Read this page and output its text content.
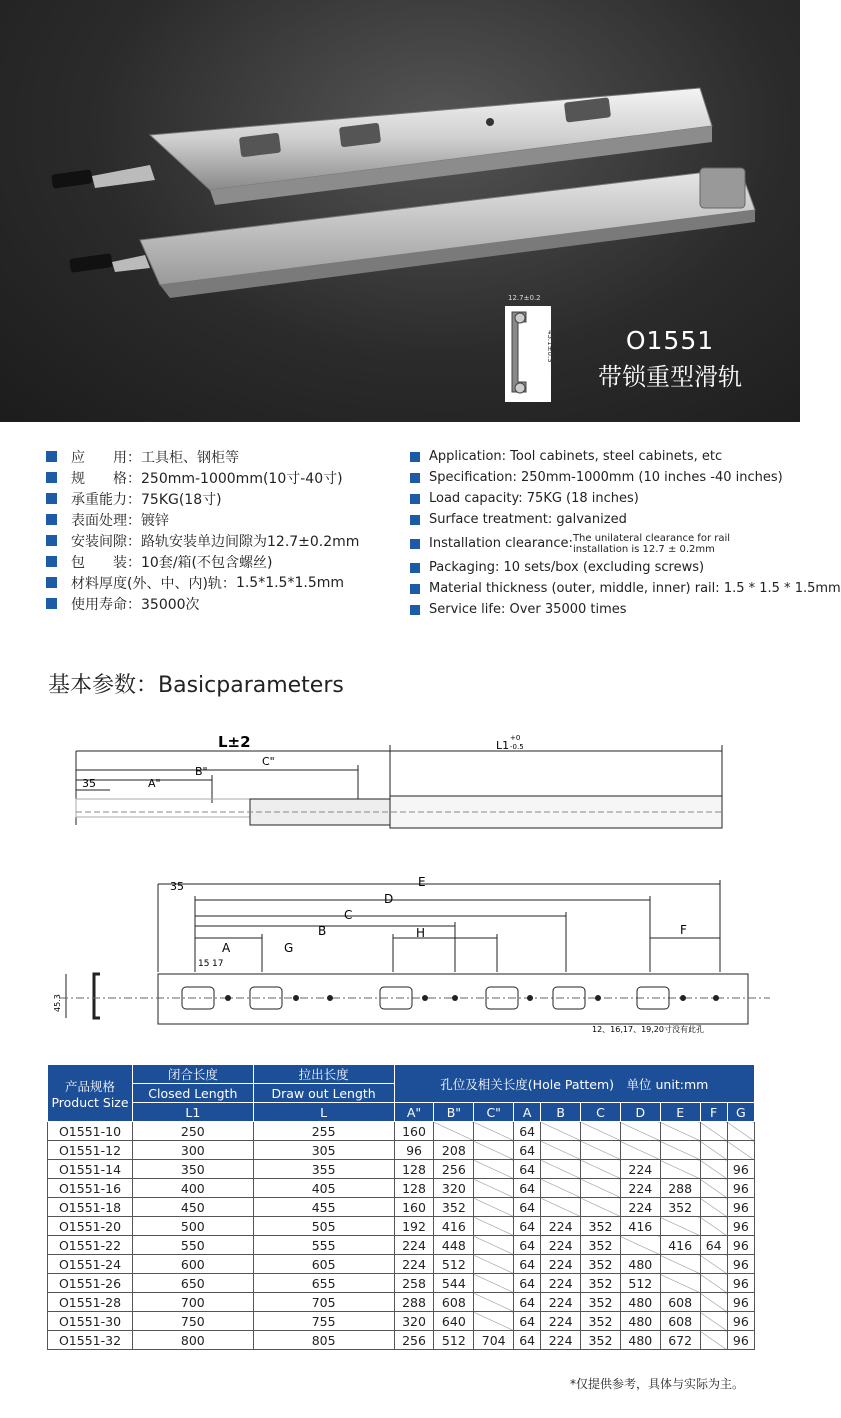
12.7±0.2
45.1±0.3	O1551
带锁重型滑轨
应　　用： 工具柜、钢柜等
规　　格： 250mm-1000mm(10寸-40寸)
承重能力： 75KG(18寸)
表面处理： 镀锌
安装间隙： 路轨安装单边间隙为12.7±0.2mm
包　　装： 10套/箱(不包含螺丝)
材料厚度(外、中、内)轨： 1.5*1.5*1.5mm
使用寿命： 35000次
Application:
Tool cabinets, steel cabinets, etc
Specification:
250mm-1000mm (10 inches -40 inches)
Load capacity:
75KG (18 inches)
Surface treatment:
galvanized
Installation clearance: The unilateral clearance for rail installation is 12.7 ± 0.2mm
Packaging:
10 sets/box (excluding screws)
Material thickness (outer, middle, inner) rail:
1.5 * 1.5 * 1.5mm
Service life:
Over 35000 times
基本参数：Basicparameters
L±2	L1
+0
-0.5
C"
B"
A"
35
35	E
D
C
B	H
A	G
F
15 17
45.3
12、16,17、19,20寸没有此孔
产品规格
Product Size	闭合长度	拉出长度	孔位及相关长度(Hole Pattem)　单位 unit:mm									
	Closed Length	Draw out Length										
	L1	L	A"	B"	C"	A	B	C	D	E	F	G
O1551-10	250	255	160			64						
O1551-12	300	305	96	208		64						
O1551-14	350	355	128	256		64			224			96
O1551-16	400	405	128	320		64			224	288		96
O1551-18	450	455	160	352		64			224	352		96
O1551-20	500	505	192	416		64	224	352	416			96
O1551-22	550	555	224	448		64	224	352		416	64	96
O1551-24	600	605	224	512		64	224	352	480			96
O1551-26	650	655	258	544		64	224	352	512			96
O1551-28	700	705	288	608		64	224	352	480	608		96
O1551-30	750	755	320	640		64	224	352	480	608		96
O1551-32	800	805	256	512	704	64	224	352	480	672		96
*仅提供参考，具体与实际为主。
